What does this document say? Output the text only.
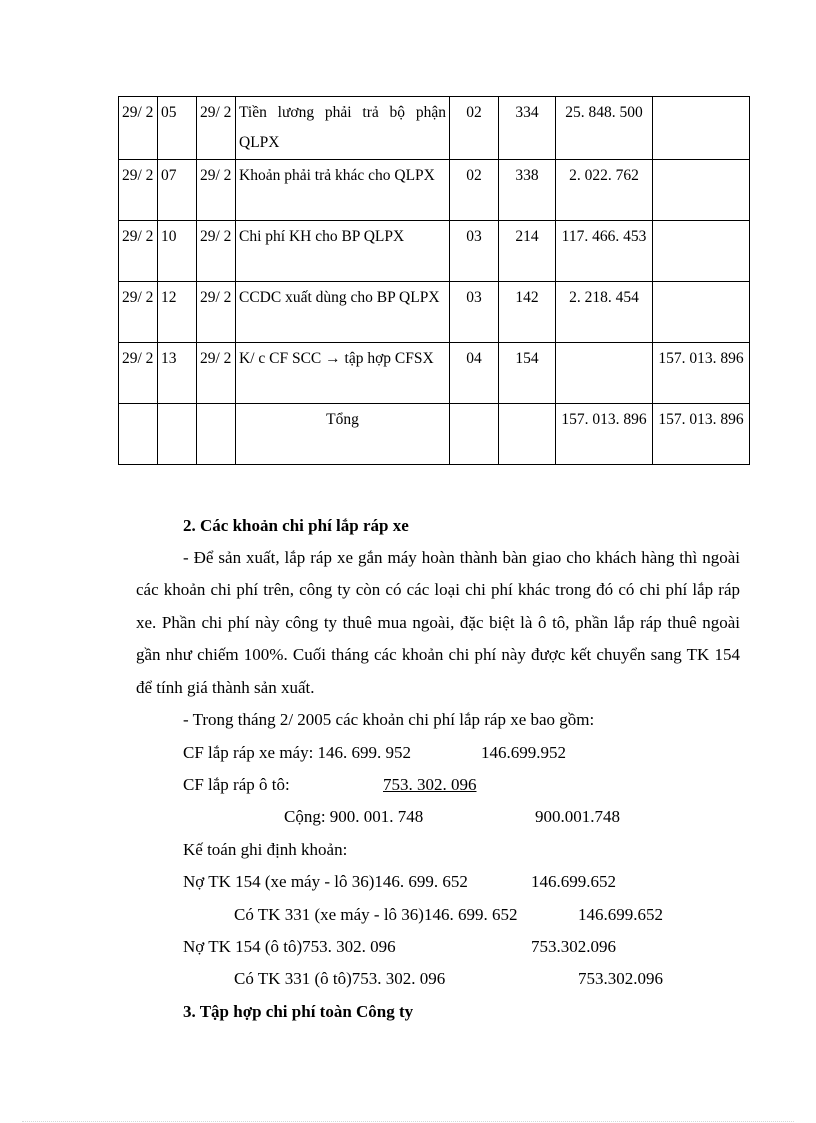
29/ 2	05	29/ 2	Tiền lương phải trả bộ phận QLPX	02	334	25. 848. 500	
29/ 2	07	29/ 2	Khoản phải trả khác cho QLPX	02	338	2. 022. 762	
29/ 2	10	29/ 2	Chi phí KH cho BP QLPX	03	214	117. 466. 453	
29/ 2	12	29/ 2	CCDC xuất dùng cho BP QLPX	03	142	2. 218. 454	
29/ 2	13	29/ 2	K/ c CF SCC → tập hợp CFSX	04	154		157. 013. 896
			Tổng			157. 013. 896	157. 013. 896
2. Các khoản chi phí lắp ráp xe
- Để sản xuất, lắp ráp xe gắn máy hoàn thành bàn giao cho khách hàng thì ngoài các khoản chi phí trên, công ty còn có các loại chi phí khác trong đó có chi phí lắp ráp xe. Phần chi phí này công ty thuê mua ngoài, đặc biệt là ô tô, phần lắp ráp thuê ngoài gần như chiếm 100%. Cuối tháng các khoản chi phí này được kết chuyển sang TK 154 để tính giá thành sản xuất.
- Trong tháng 2/ 2005 các khoản chi phí lắp ráp xe bao gồm:
CF lắp ráp xe máy: 146. 699. 952	146.699.952
CF lắp ráp ô tô:	753. 302. 096
Cộng: 900. 001. 748	900.001.748
Kế toán ghi định khoản:
Nợ TK 154 (xe máy - lô 36)146. 699. 652	146.699.652
Có TK 331 (xe máy - lô 36)146. 699. 652	146.699.652
Nợ TK 154 (ô tô)753. 302. 096	753.302.096
Có TK 331 (ô tô)753. 302. 096	753.302.096
3. Tập hợp chi phí toàn Công ty
